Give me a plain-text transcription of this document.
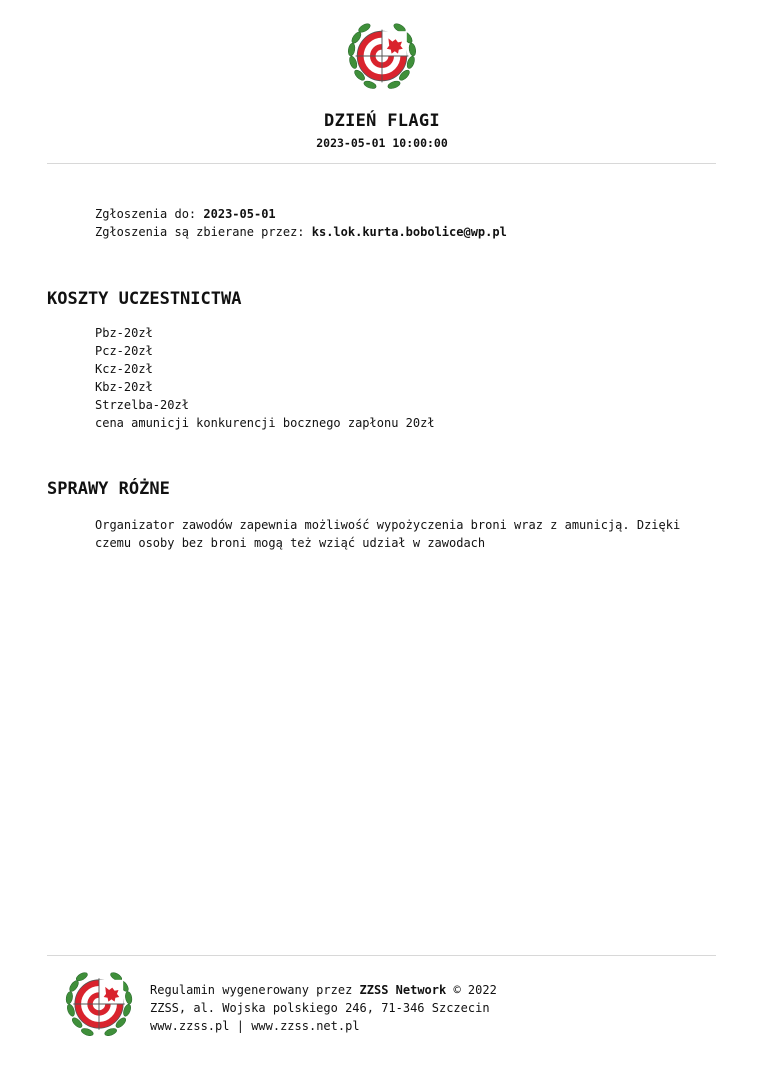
DZIEŃ FLAGI
2023-05-01 10:00:00
Zgłoszenia do: 2023-05-01
Zgłoszenia są zbierane przez: ks.lok.kurta.bobolice@wp.pl
KOSZTY UCZESTNICTWA
Pbz-20zł
Pcz-20zł
Kcz-20zł
Kbz-20zł
Strzelba-20zł
cena amunicji konkurencji bocznego zapłonu 20zł
SPRAWY RÓŻNE
Organizator zawodów zapewnia możliwość wypożyczenia broni wraz z amunicją. Dzięki czemu osoby bez broni mogą też wziąć udział w zawodach
Regulamin wygenerowany przez ZZSS Network © 2022
ZZSS, al. Wojska polskiego 246, 71-346 Szczecin
www.zzss.pl | www.zzss.net.pl
